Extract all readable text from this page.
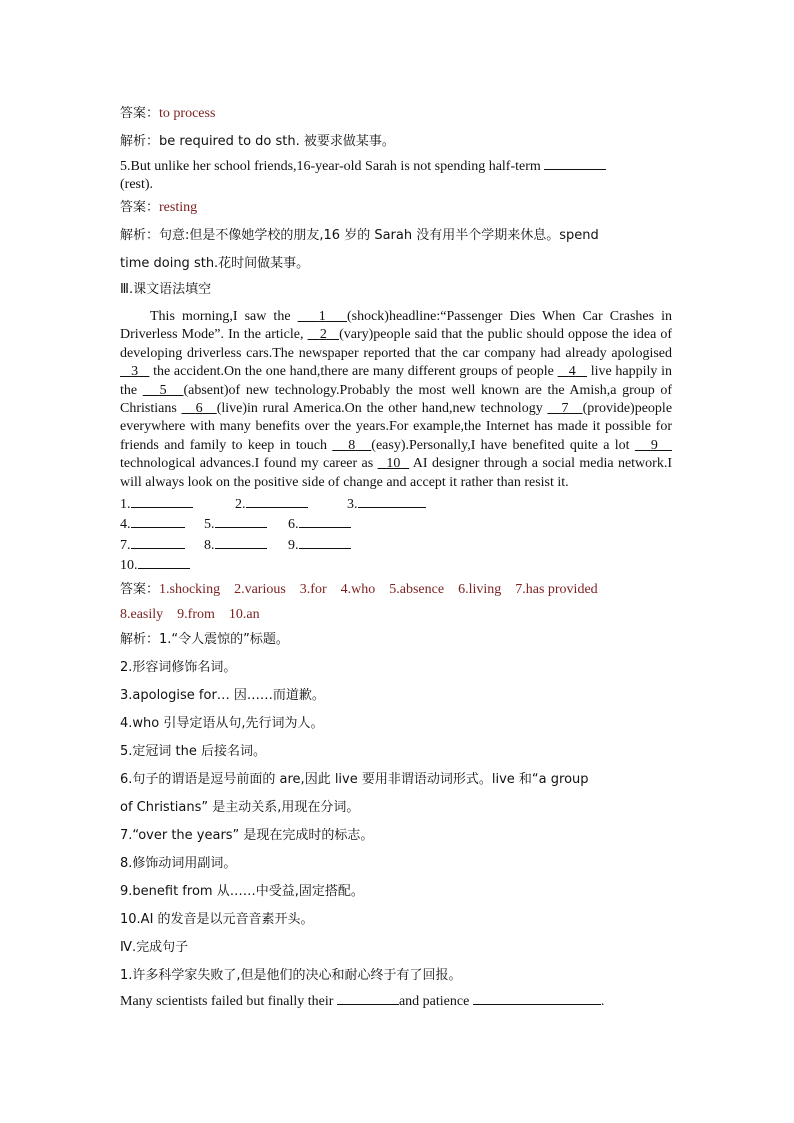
答案：to process
解析：be required to do sth. 被要求做某事。
5.But unlike her school friends,16-year-old Sarah is not spending half-term
(rest).
答案：resting
解析：句意:但是不像她学校的朋友,16 岁的 Sarah 没有用半个学期来休息。spend
time doing sth.花时间做某事。
Ⅲ.课文语法填空
This morning,I saw the 1 (shock)headline:“Passenger Dies When Car Crashes in Driverless Mode”. In the article, 2 (vary)people said that the public should oppose the idea of developing driverless cars.The newspaper reported that the car company had already apologised    3 the accident.On the one hand,there are many different groups of people 4 live happily in the 5 (absent)of new technology.Probably the most well known are the Amish,a group of Christians 6 (live)in rural America.On the other hand,new technology 7 (provide)people everywhere with many benefits over the years.For example,the Internet has made it possible for friends and family to keep in touch 8 (easy).Personally,I have benefited quite a lot 9    technological advances.I found my career as 10 AI designer through a social media network.I will always look on the positive side of change and accept it rather than resist it.
1.	2.	3.
4.	5.	6.
7.	8.	9.
10.
答案：1.shocking 2.various 3.for 4.who 5.absence 6.living 7.has provided
8.easily 9.from 10.an
解析：1.“令人震惊的”标题。
2.形容词修饰名词。
3.apologise for… 因……而道歉。
4.who 引导定语从句,先行词为人。
5.定冠词 the 后接名词。
6.句子的谓语是逗号前面的 are,因此 live 要用非谓语动词形式。live 和“a group
of Christians” 是主动关系,用现在分词。
7.“over the years” 是现在完成时的标志。
8.修饰动词用副词。
9.benefit from 从……中受益,固定搭配。
10.AI 的发音是以元音音素开头。
Ⅳ.完成句子
1.许多科学家失败了,但是他们的决心和耐心终于有了回报。
Many scientists failed but finally their	and patience	.
